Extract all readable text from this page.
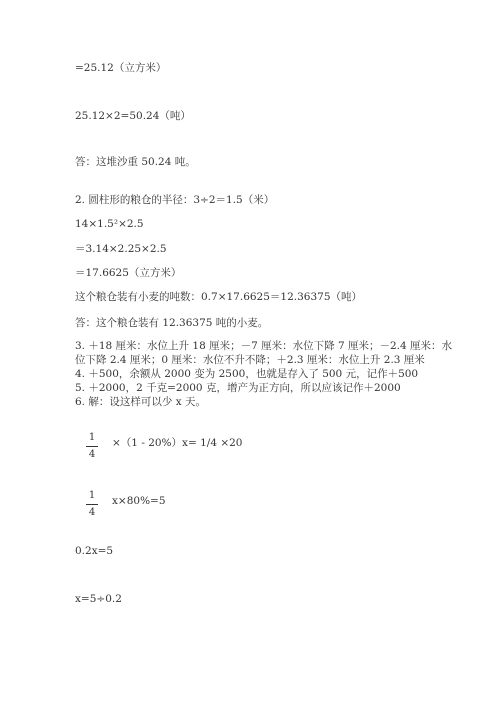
=25.12（立方米）
25.12×2=50.24（吨）
答：这堆沙重 50.24 吨。
2. 圆柱形的粮仓的半径：3÷2＝1.5（米）
14×1.5²×2.5
＝3.14×2.25×2.5
＝17.6625（立方米）
这个粮仓装有小麦的吨数：0.7×17.6625＝12.36375（吨）
答：这个粮仓装有 12.36375 吨的小麦。
3. ＋18 厘米：水位上升 18 厘米；－7 厘米：水位下降 7 厘米；－2.4 厘米：水
位下降 2.4 厘米；0 厘米：水位不升不降；＋2.3 厘米：水位上升 2.3 厘米
4. ＋500，余额从 2000 变为 2500，也就是存入了 500 元，记作＋500
5. ＋2000，2 千克=2000 克，增产为正方向，所以应该记作＋2000
6. 解：设这样可以少 x 天。
1
4
×（1 - 20%）x= 1/4 ×20
1
4
x×80%=5
0.2x=5
x=5÷0.2
